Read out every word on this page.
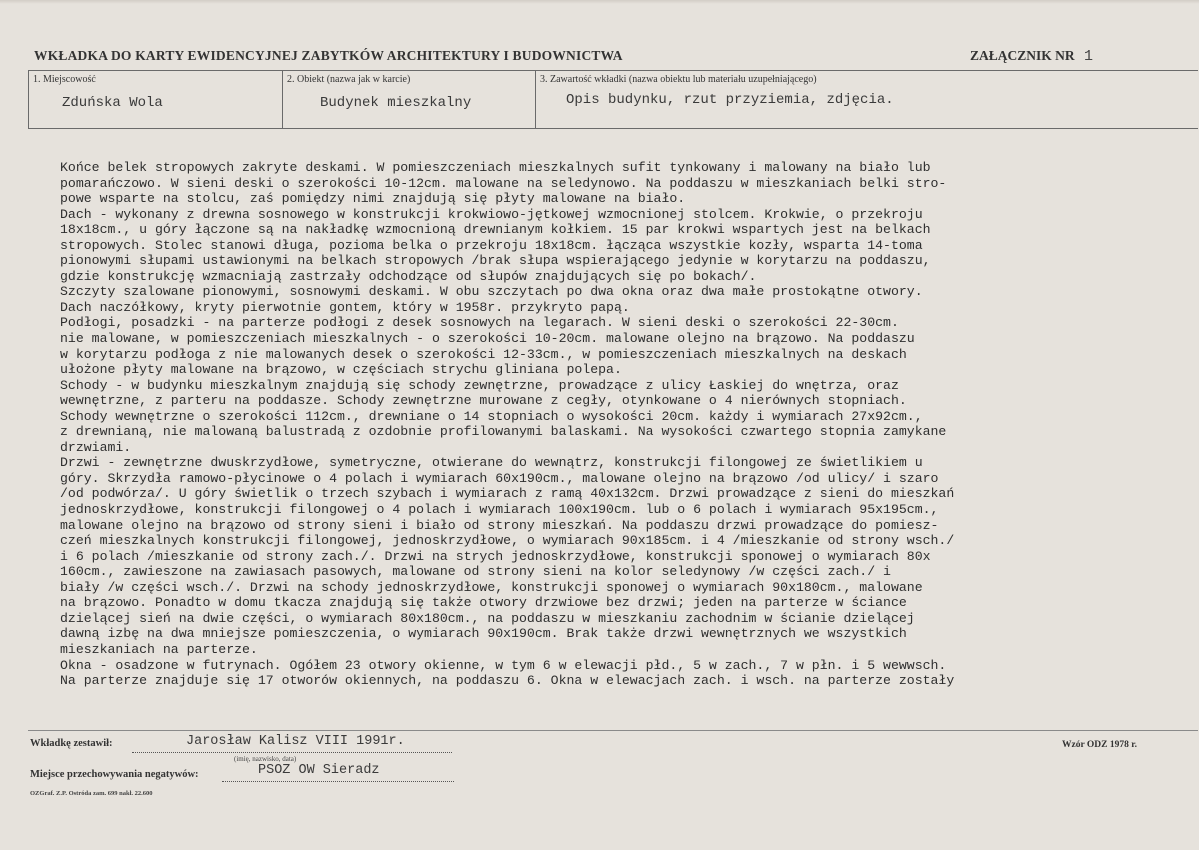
WKŁADKA DO KARTY EWIDENCYJNEJ ZABYTKÓW ARCHITEKTURY I BUDOWNICTWA	ZAŁĄCZNIK NR 1
1. Miejscowość
Zduńska Wola
2. Obiekt (nazwa jak w karcie)
Budynek mieszkalny
3. Zawartość wkładki (nazwa obiektu lub materiału uzupełniającego)
Opis budynku, rzut przyziemia, zdjęcia.
Końce belek stropowych zakryte deskami. W pomieszczeniach mieszkalnych sufit tynkowany i malowany na biało lub
pomarańczowo. W sieni deski o szerokości 10-12cm. malowane na seledynowo. Na poddaszu w mieszkaniach belki stro-
powe wsparte na stolcu, zaś pomiędzy nimi znajdują się płyty malowane na biało.
Dach - wykonany z drewna sosnowego w konstrukcji krokwiowo-jętkowej wzmocnionej stolcem. Krokwie, o przekroju
18x18cm., u góry łączone są na nakładkę wzmocnioną drewnianym kołkiem. 15 par krokwi wspartych jest na belkach
stropowych. Stolec stanowi długa, pozioma belka o przekroju 18x18cm. łącząca wszystkie kozły, wsparta 14-toma
pionowymi słupami ustawionymi na belkach stropowych /brak słupa wspierającego jedynie w korytarzu na poddaszu,
gdzie konstrukcję wzmacniają zastrzały odchodzące od słupów znajdujących się po bokach/.
Szczyty szalowane pionowymi, sosnowymi deskami. W obu szczytach po dwa okna oraz dwa małe prostokątne otwory.
Dach naczółkowy, kryty pierwotnie gontem, który w 1958r. przykryto papą.
Podłogi, posadzki - na parterze podłogi z desek sosnowych na legarach. W sieni deski o szerokości 22-30cm.
nie malowane, w pomieszczeniach mieszkalnych - o szerokości 10-20cm. malowane olejno na brązowo. Na poddaszu
w korytarzu podłoga z nie malowanych desek o szerokości 12-33cm., w pomieszczeniach mieszkalnych na deskach
ułożone płyty malowane na brązowo, w częściach strychu gliniana polepa.
Schody - w budynku mieszkalnym znajdują się schody zewnętrzne, prowadzące z ulicy Łaskiej do wnętrza, oraz
wewnętrzne, z parteru na poddasze. Schody zewnętrzne murowane z cegły, otynkowane o 4 nierównych stopniach.
Schody wewnętrzne o szerokości 112cm., drewniane o 14 stopniach o wysokości 20cm. każdy i wymiarach 27x92cm.,
z drewnianą, nie malowaną balustradą z ozdobnie profilowanymi balaskami. Na wysokości czwartego stopnia zamykane
drzwiami.
Drzwi - zewnętrzne dwuskrzydłowe, symetryczne, otwierane do wewnątrz, konstrukcji filongowej ze świetlikiem u
góry. Skrzydła ramowo-płycinowe o 4 polach i wymiarach 60x190cm., malowane olejno na brązowo /od ulicy/ i szaro
/od podwórza/. U góry świetlik o trzech szybach i wymiarach z ramą 40x132cm. Drzwi prowadzące z sieni do mieszkań
jednoskrzydłowe, konstrukcji filongowej o 4 polach i wymiarach 100x190cm. lub o 6 polach i wymiarach 95x195cm.,
malowane olejno na brązowo od strony sieni i biało od strony mieszkań. Na poddaszu drzwi prowadzące do pomiesz-
czeń mieszkalnych konstrukcji filongowej, jednoskrzydłowe, o wymiarach 90x185cm. i 4 /mieszkanie od strony wsch./
i 6 polach /mieszkanie od strony zach./. Drzwi na strych jednoskrzydłowe, konstrukcji sponowej o wymiarach 80x
160cm., zawieszone na zawiasach pasowych, malowane od strony sieni na kolor seledynowy /w części zach./ i
biały /w części wsch./. Drzwi na schody jednoskrzydłowe, konstrukcji sponowej o wymiarach 90x180cm., malowane
na brązowo. Ponadto w domu tkacza znajdują się także otwory drzwiowe bez drzwi; jeden na parterze w ściance
dzielącej sień na dwie części, o wymiarach 80x180cm., na poddaszu w mieszkaniu zachodnim w ścianie dzielącej
dawną izbę na dwa mniejsze pomieszczenia, o wymiarach 90x190cm. Brak także drzwi wewnętrznych we wszystkich
mieszkaniach na parterze.
Okna - osadzone w futrynach. Ogółem 23 otwory okienne, w tym 6 w elewacji płd., 5 w zach., 7 w płn. i 5 wewwsch.
Na parterze znajduje się 17 otworów okiennych, na poddaszu 6. Okna w elewacjach zach. i wsch. na parterze zostały
Wkładkę zestawił:	Jarosław Kalisz VIII 1991r.
(imię, nazwisko, data)
Miejsce przechowywania negatywów:	PSOZ OW Sieradz
OZGraf. Z.P. Ostróda zam. 699 nakł. 22.600
Wzór ODZ 1978 r.
